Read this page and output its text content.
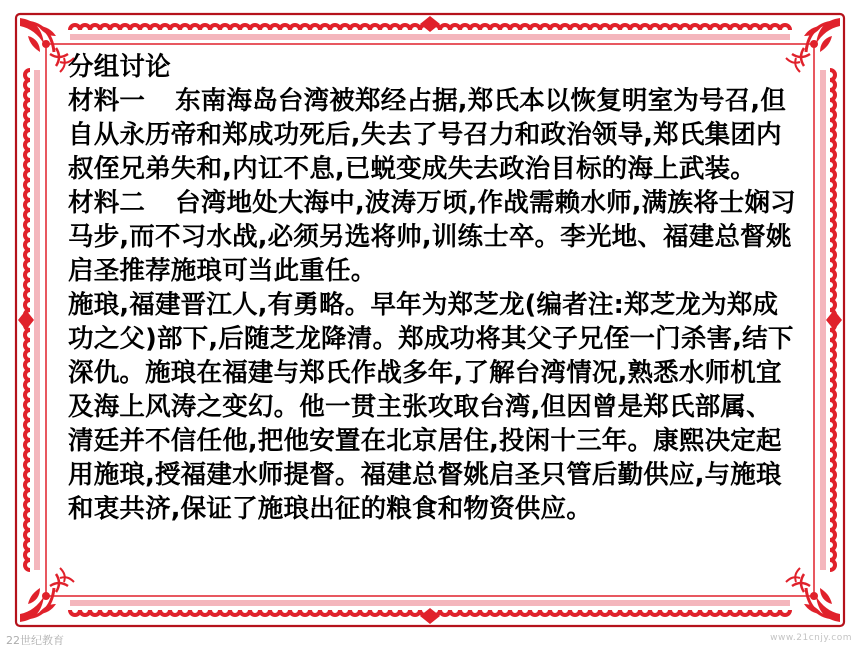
分组讨论

材料一 东南海岛台湾被郑经占据,郑氏本以恢复明室为号召,但自从永历帝和郑成功死后,失去了号召力和政治领导,郑氏集团内叔侄兄弟失和,内讧不息,已蜕变成失去政治目标的海上武装。

材料二 台湾地处大海中,波涛万顷,作战需赖水师,满族将士娴习马步,而不习水战,必须另选将帅,训练士卒。李光地、福建总督姚启圣推荐施琅可当此重任。

施琅,福建晋江人,有勇略。早年为郑芝龙(编者注:郑芝龙为郑成功之父)部下,后随芝龙降清。郑成功将其父子兄侄一门杀害,结下深仇。施琅在福建与郑氏作战多年,了解台湾情况,熟悉水师机宜及海上风涛之变幻。他一贯主张攻取台湾,但因曾是郑氏部属、清廷并不信任他,把他安置在北京居住,投闲十三年。康熙决定起用施琅,授福建水师提督。福建总督姚启圣只管后勤供应,与施琅和衷共济,保证了施琅出征的粮食和物资供应。

22世纪教育	www.21cnjy.com
